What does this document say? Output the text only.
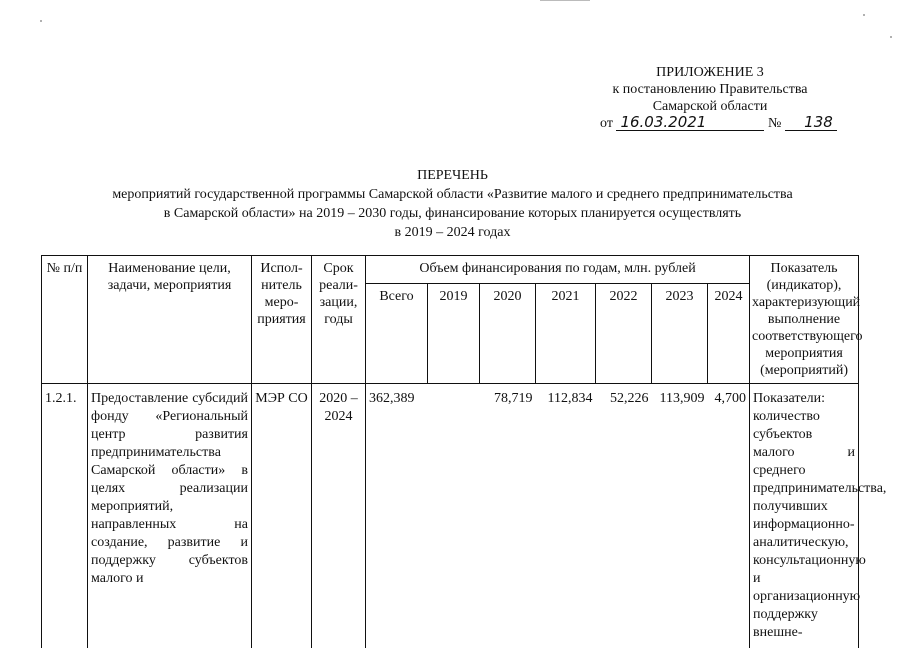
ПРИЛОЖЕНИЕ 3
к постановлению Правительства
Самарской области
от 16.03.2021	№ 138
ПЕРЕЧЕНЬ
мероприятий государственной программы Самарской области «Развитие малого и среднего предпринимательства
в Самарской области» на 2019 – 2030 годы, финансирование которых планируется осуществлять
в 2019 – 2024 годах
№ п/п	Наименование цели, задачи, мероприятия	Испол-нитель меро-приятия	Срок реали-зации, годы	Объем финансирования по годам, млн. рублей							Показатель (индикатор), характеризующий выполнение соответствующего мероприятия (мероприятий)
				Всего	2019	2020	2021	2022	2023	2024	
1.2.1.	Предоставление субсидий фонду «Региональный центр развития предпринимательства Самарской области» в целях реализации мероприятий, направленных на создание, развитие и поддержку субъектов малого и	МЭР СО	2020 – 2024	362,389		78,719	112,834	52,226	113,909	4,700	Показатели: количество субъектов малого и среднего предпринимательства, получивших информационно-аналитическую, консультационную и организационную поддержку внешне-
